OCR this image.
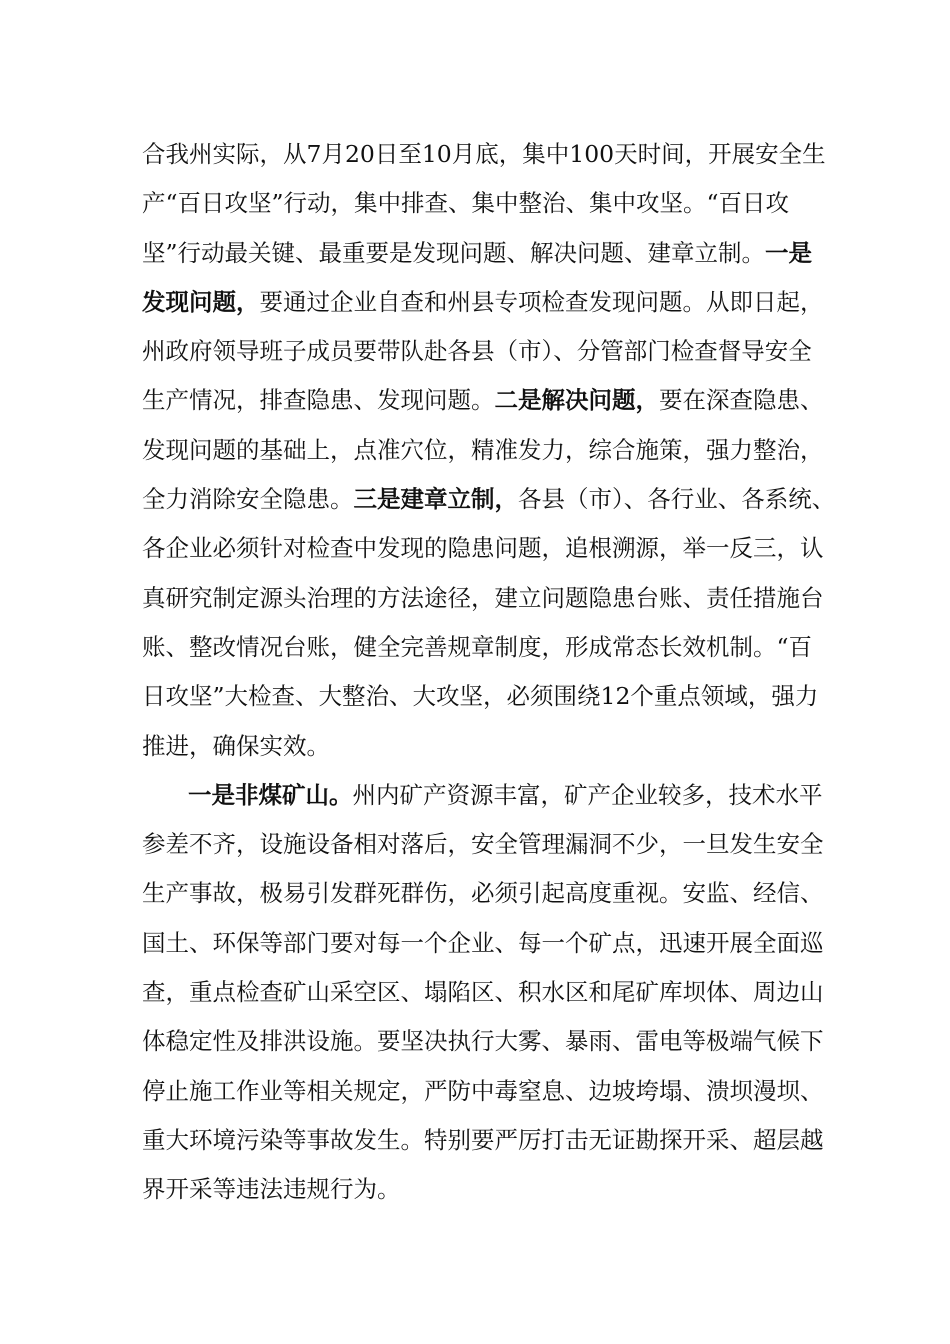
合我州实际，从7月20日至10月底，集中100天时间，开展安全生
产“百日攻坚”行动，集中排查、集中整治、集中攻坚。“百日攻
坚”行动最关键、最重要是发现问题、解决问题、建章立制。一是
发现问题，要通过企业自查和州县专项检查发现问题。从即日起，
州政府领导班子成员要带队赴各县（市）、分管部门检查督导安全
生产情况，排查隐患、发现问题。二是解决问题，要在深查隐患、
发现问题的基础上，点准穴位，精准发力，综合施策，强力整治，
全力消除安全隐患。三是建章立制，各县（市）、各行业、各系统、
各企业必须针对检查中发现的隐患问题，追根溯源，举一反三，认
真研究制定源头治理的方法途径，建立问题隐患台账、责任措施台
账、整改情况台账，健全完善规章制度，形成常态长效机制。“百
日攻坚”大检查、大整治、大攻坚，必须围绕12个重点领域，强力
推进，确保实效。
一是非煤矿山。州内矿产资源丰富，矿产企业较多，技术水平
参差不齐，设施设备相对落后，安全管理漏洞不少，一旦发生安全
生产事故，极易引发群死群伤，必须引起高度重视。安监、经信、
国土、环保等部门要对每一个企业、每一个矿点，迅速开展全面巡
查，重点检查矿山采空区、塌陷区、积水区和尾矿库坝体、周边山
体稳定性及排洪设施。要坚决执行大雾、暴雨、雷电等极端气候下
停止施工作业等相关规定，严防中毒窒息、边坡垮塌、溃坝漫坝、
重大环境污染等事故发生。特别要严厉打击无证勘探开采、超层越
界开采等违法违规行为。
